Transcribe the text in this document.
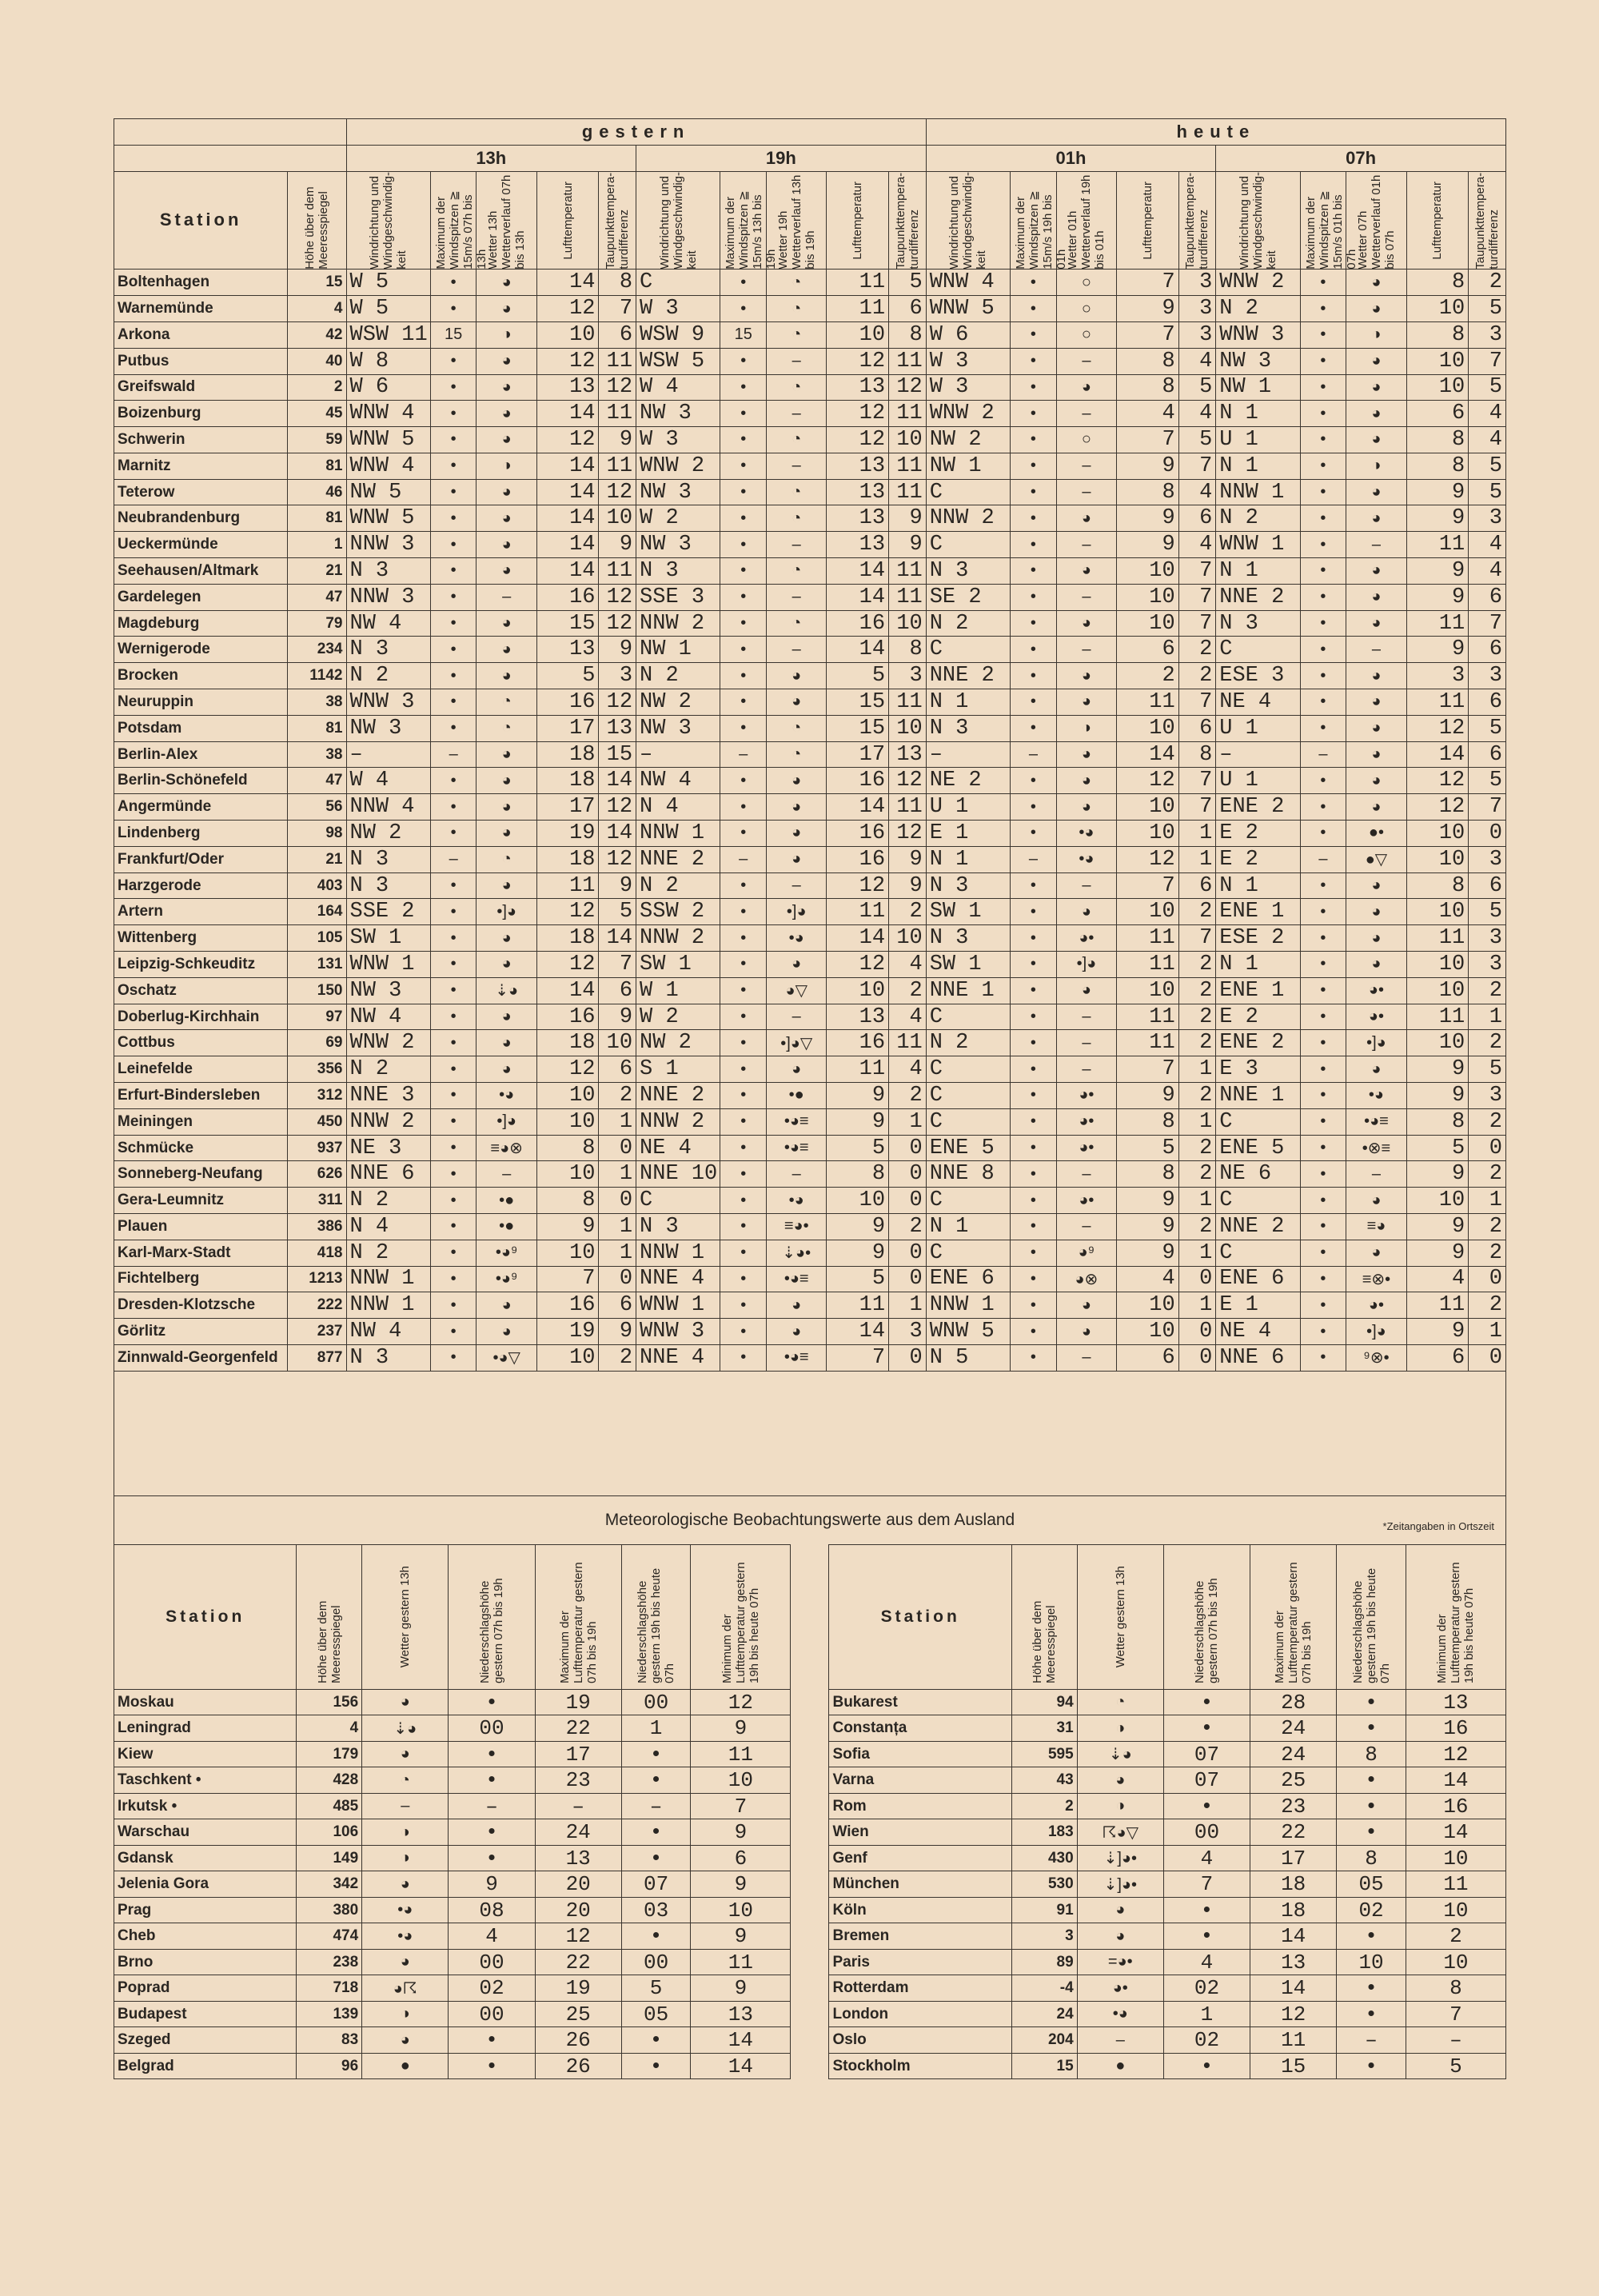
		gestern										heute									
		13h					19h					01h					07h				
Station	Höhe über dem Meeresspiegel	Windrichtung und Windgeschwindig-keit	Maximum der Windspitzen ≧ 15m/s 07h bis 13h	Wetter 13h Wetterverlauf 07h bis 13h	Lufttemperatur	Taupunkttempera-turdifferenz	Windrichtung und Windgeschwindig-keit	Maximum der Windspitzen ≧ 15m/s 13h bis 19h	Wetter 19h Wetterverlauf 13h bis 19h	Lufttemperatur	Taupunkttempera-turdifferenz	Windrichtung und Windgeschwindig-keit	Maximum der Windspitzen ≧ 15m/s 19h bis 01h	Wetter 01h Wetterverlauf 19h bis 01h	Lufttemperatur	Taupunkttempera-turdifferenz	Windrichtung und Windgeschwindig-keit	Maximum der Windspitzen ≧ 15m/s 01h bis 07h	Wetter 07h Wetterverlauf 01h bis 07h	Lufttemperatur	Taupunkttempera-turdifferenz

Boltenhagen	15	W 5	•	◕	14	8	C	•	◔	11	5	WNW 4	•	○	7	3	WNW 2	•	◕	8	2
Warnemünde	4	W 5	•	◕	12	7	W 3	•	◔	11	6	WNW 5	•	○	9	3	N 2	•	◕	10	5
Arkona	42	WSW 11	15	◑	10	6	WSW 9	15	◔	10	8	W 6	•	○	7	3	WNW 3	•	◑	8	3
Putbus	40	W 8	•	◕	12	11	WSW 5	•	–	12	11	W 3	•	–	8	4	NW 3	•	◕	10	7
Greifswald	2	W 6	•	◕	13	12	W 4	•	◔	13	12	W 3	•	◕	8	5	NW 1	•	◕	10	5
Boizenburg	45	WNW 4	•	◕	14	11	NW 3	•	–	12	11	WNW 2	•	–	4	4	N 1	•	◕	6	4
Schwerin	59	WNW 5	•	◕	12	9	W 3	•	◔	12	10	NW 2	•	○	7	5	U 1	•	◕	8	4
Marnitz	81	WNW 4	•	◑	14	11	WNW 2	•	–	13	11	NW 1	•	–	9	7	N 1	•	◑	8	5
Teterow	46	NW 5	•	◕	14	12	NW 3	•	◔	13	11	C	•	–	8	4	NNW 1	•	◕	9	5
Neubrandenburg	81	WNW 5	•	◕	14	10	W 2	•	◔	13	9	NNW 2	•	◕	9	6	N 2	•	◕	9	3
Ueckermünde	1	NNW 3	•	◕	14	9	NW 3	•	–	13	9	C	•	–	9	4	WNW 1	•	–	11	4
Seehausen/Altmark	21	N 3	•	◕	14	11	N 3	•	◔	14	11	N 3	•	◕	10	7	N 1	•	◕	9	4
Gardelegen	47	NNW 3	•	–	16	12	SSE 3	•	–	14	11	SE 2	•	–	10	7	NNE 2	•	◕	9	6
Magdeburg	79	NW 4	•	◕	15	12	NNW 2	•	◔	16	10	N 2	•	◕	10	7	N 3	•	◕	11	7
Wernigerode	234	N 3	•	◕	13	9	NW 1	•	–	14	8	C	•	–	6	2	C	•	–	9	6
Brocken	1142	N 2	•	◕	5	3	N 2	•	◕	5	3	NNE 2	•	◕	2	2	ESE 3	•	◕	3	3
Neuruppin	38	WNW 3	•	◔	16	12	NW 2	•	◕	15	11	N 1	•	◕	11	7	NE 4	•	◕	11	6
Potsdam	81	NW 3	•	◔	17	13	NW 3	•	◔	15	10	N 3	•	◑	10	6	U 1	•	◕	12	5
Berlin-Alex	38	–	–	◕	18	15	–	–	◔	17	13	–	–	◕	14	8	–	–	◕	14	6
Berlin-Schönefeld	47	W 4	•	◕	18	14	NW 4	•	◕	16	12	NE 2	•	◕	12	7	U 1	•	◕	12	5
Angermünde	56	NNW 4	•	◕	17	12	N 4	•	◕	14	11	U 1	•	◕	10	7	ENE 2	•	◕	12	7
Lindenberg	98	NW 2	•	◕	19	14	NNW 1	•	◕	16	12	E 1	•	•◕	10	1	E 2	•	●•	10	0
Frankfurt/Oder	21	N 3	–	◔	18	12	NNE 2	–	◕	16	9	N 1	–	•◕	12	1	E 2	–	●▽	10	3
Harzgerode	403	N 3	•	◕	11	9	N 2	•	–	12	9	N 3	•	–	7	6	N 1	•	◕	8	6
Artern	164	SSE 2	•	•]◕	12	5	SSW 2	•	•]◕	11	2	SW 1	•	◕	10	2	ENE 1	•	◕	10	5
Wittenberg	105	SW 1	•	◕	18	14	NNW 2	•	•◕	14	10	N 3	•	◕•	11	7	ESE 2	•	◕	11	3
Leipzig-Schkeuditz	131	WNW 1	•	◕	12	7	SW 1	•	◕	12	4	SW 1	•	•]◕	11	2	N 1	•	◕	10	3
Oschatz	150	NW 3	•	⇣◕	14	6	W 1	•	◕▽	10	2	NNE 1	•	◕	10	2	ENE 1	•	◕•	10	2
Doberlug-Kirchhain	97	NW 4	•	◕	16	9	W 2	•	–	13	4	C	•	–	11	2	E 2	•	◕•	11	1
Cottbus	69	WNW 2	•	◕	18	10	NW 2	•	•]◕▽	16	11	N 2	•	–	11	2	ENE 2	•	•]◕	10	2
Leinefelde	356	N 2	•	◕	12	6	S 1	•	◕	11	4	C	•	–	7	1	E 3	•	◕	9	5
Erfurt-Bindersleben	312	NNE 3	•	•◕	10	2	NNE 2	•	•●	9	2	C	•	◕•	9	2	NNE 1	•	•◕	9	3
Meiningen	450	NNW 2	•	•]◕	10	1	NNW 2	•	•◕≡	9	1	C	•	◕•	8	1	C	•	•◕≡	8	2
Schmücke	937	NE 3	•	≡◕⊗	8	0	NE 4	•	•◕≡	5	0	ENE 5	•	◕•	5	2	ENE 5	•	•⊗≡	5	0
Sonneberg-Neufang	626	NNE 6	•	–	10	1	NNE 10	•	–	8	0	NNE 8	•	–	8	2	NE 6	•	–	9	2
Gera-Leumnitz	311	N 2	•	•●	8	0	C	•	•◕	10	0	C	•	◕•	9	1	C	•	◕	10	1
Plauen	386	N 4	•	•●	9	1	N 3	•	≡◕•	9	2	N 1	•	–	9	2	NNE 2	•	≡◕	9	2
Karl-Marx-Stadt	418	N 2	•	•◕⁹	10	1	NNW 1	•	⇣◕•	9	0	C	•	◕⁹	9	1	C	•	◕	9	2
Fichtelberg	1213	NNW 1	•	•◕⁹	7	0	NNE 4	•	•◕≡	5	0	ENE 6	•	◕⊗	4	0	ENE 6	•	≡⊗•	4	0
Dresden-Klotzsche	222	NNW 1	•	◕	16	6	WNW 1	•	◕	11	1	NNW 1	•	◕	10	1	E 1	•	◕•	11	2
Görlitz	237	NW 4	•	◕	19	9	WNW 3	•	◕	14	3	WNW 5	•	◕	10	0	NE 4	•	•]◕	9	1
Zinnwald-Georgenfeld	877	N 3	•	•◕▽	10	2	NNE 4	•	•◕≡	7	0	N 5	•	–	6	0	NNE 6	•	⁹⊗•	6	0
Meteorologische Beobachtungswerte aus dem Ausland	*Zeitangaben in Ortszeit
Station	Höhe über dem Meeresspiegel	Wetter gestern 13h	Niederschlagshöhe gestern 07h bis 19h	Maximum der Lufttemperatur gestern 07h bis 19h	Niederschlagshöhe gestern 19h bis heute 07h	Minimum der Lufttemperatur gestern 19h bis heute 07h		Station	Höhe über dem Meeresspiegel	Wetter gestern 13h	Niederschlagshöhe gestern 07h bis 19h	Maximum der Lufttemperatur gestern 07h bis 19h	Niederschlagshöhe gestern 19h bis heute 07h	Minimum der Lufttemperatur gestern 19h bis heute 07h

Moskau	156	◕	•	19	00	12		Bukarest	94	◔	•	28	•	13
Leningrad	4	⇣◕	00	22	1	9		Constanța	31	◑	•	24	•	16
Kiew	179	◕	•	17	•	11		Sofia	595	⇣◕	07	24	8	12
Taschkent •	428	◔	•	23	•	10		Varna	43	◕	07	25	•	14
Irkutsk •	485	–	–	–	–	7		Rom	2	◑	•	23	•	16
Warschau	106	◑	•	24	•	9		Wien	183	☈◕▽	00	22	•	14
Gdansk	149	◑	•	13	•	6		Genf	430	⇣]◕•	4	17	8	10
Jelenia Gora	342	◕	9	20	07	9		München	530	⇣]◕•	7	18	05	11
Prag	380	•◕	08	20	03	10		Köln	91	◕	•	18	02	10
Cheb	474	•◕	4	12	•	9		Bremen	3	◕	•	14	•	2
Brno	238	◕	00	22	00	11		Paris	89	=◕•	4	13	10	10
Poprad	718	◕☈	02	19	5	9		Rotterdam	-4	◕•	02	14	•	8
Budapest	139	◑	00	25	05	13		London	24	•◕	1	12	•	7
Szeged	83	◕	•	26	•	14		Oslo	204	–	02	11	–	–
Belgrad	96	●	•	26	•	14		Stockholm	15	●	•	15	•	5
